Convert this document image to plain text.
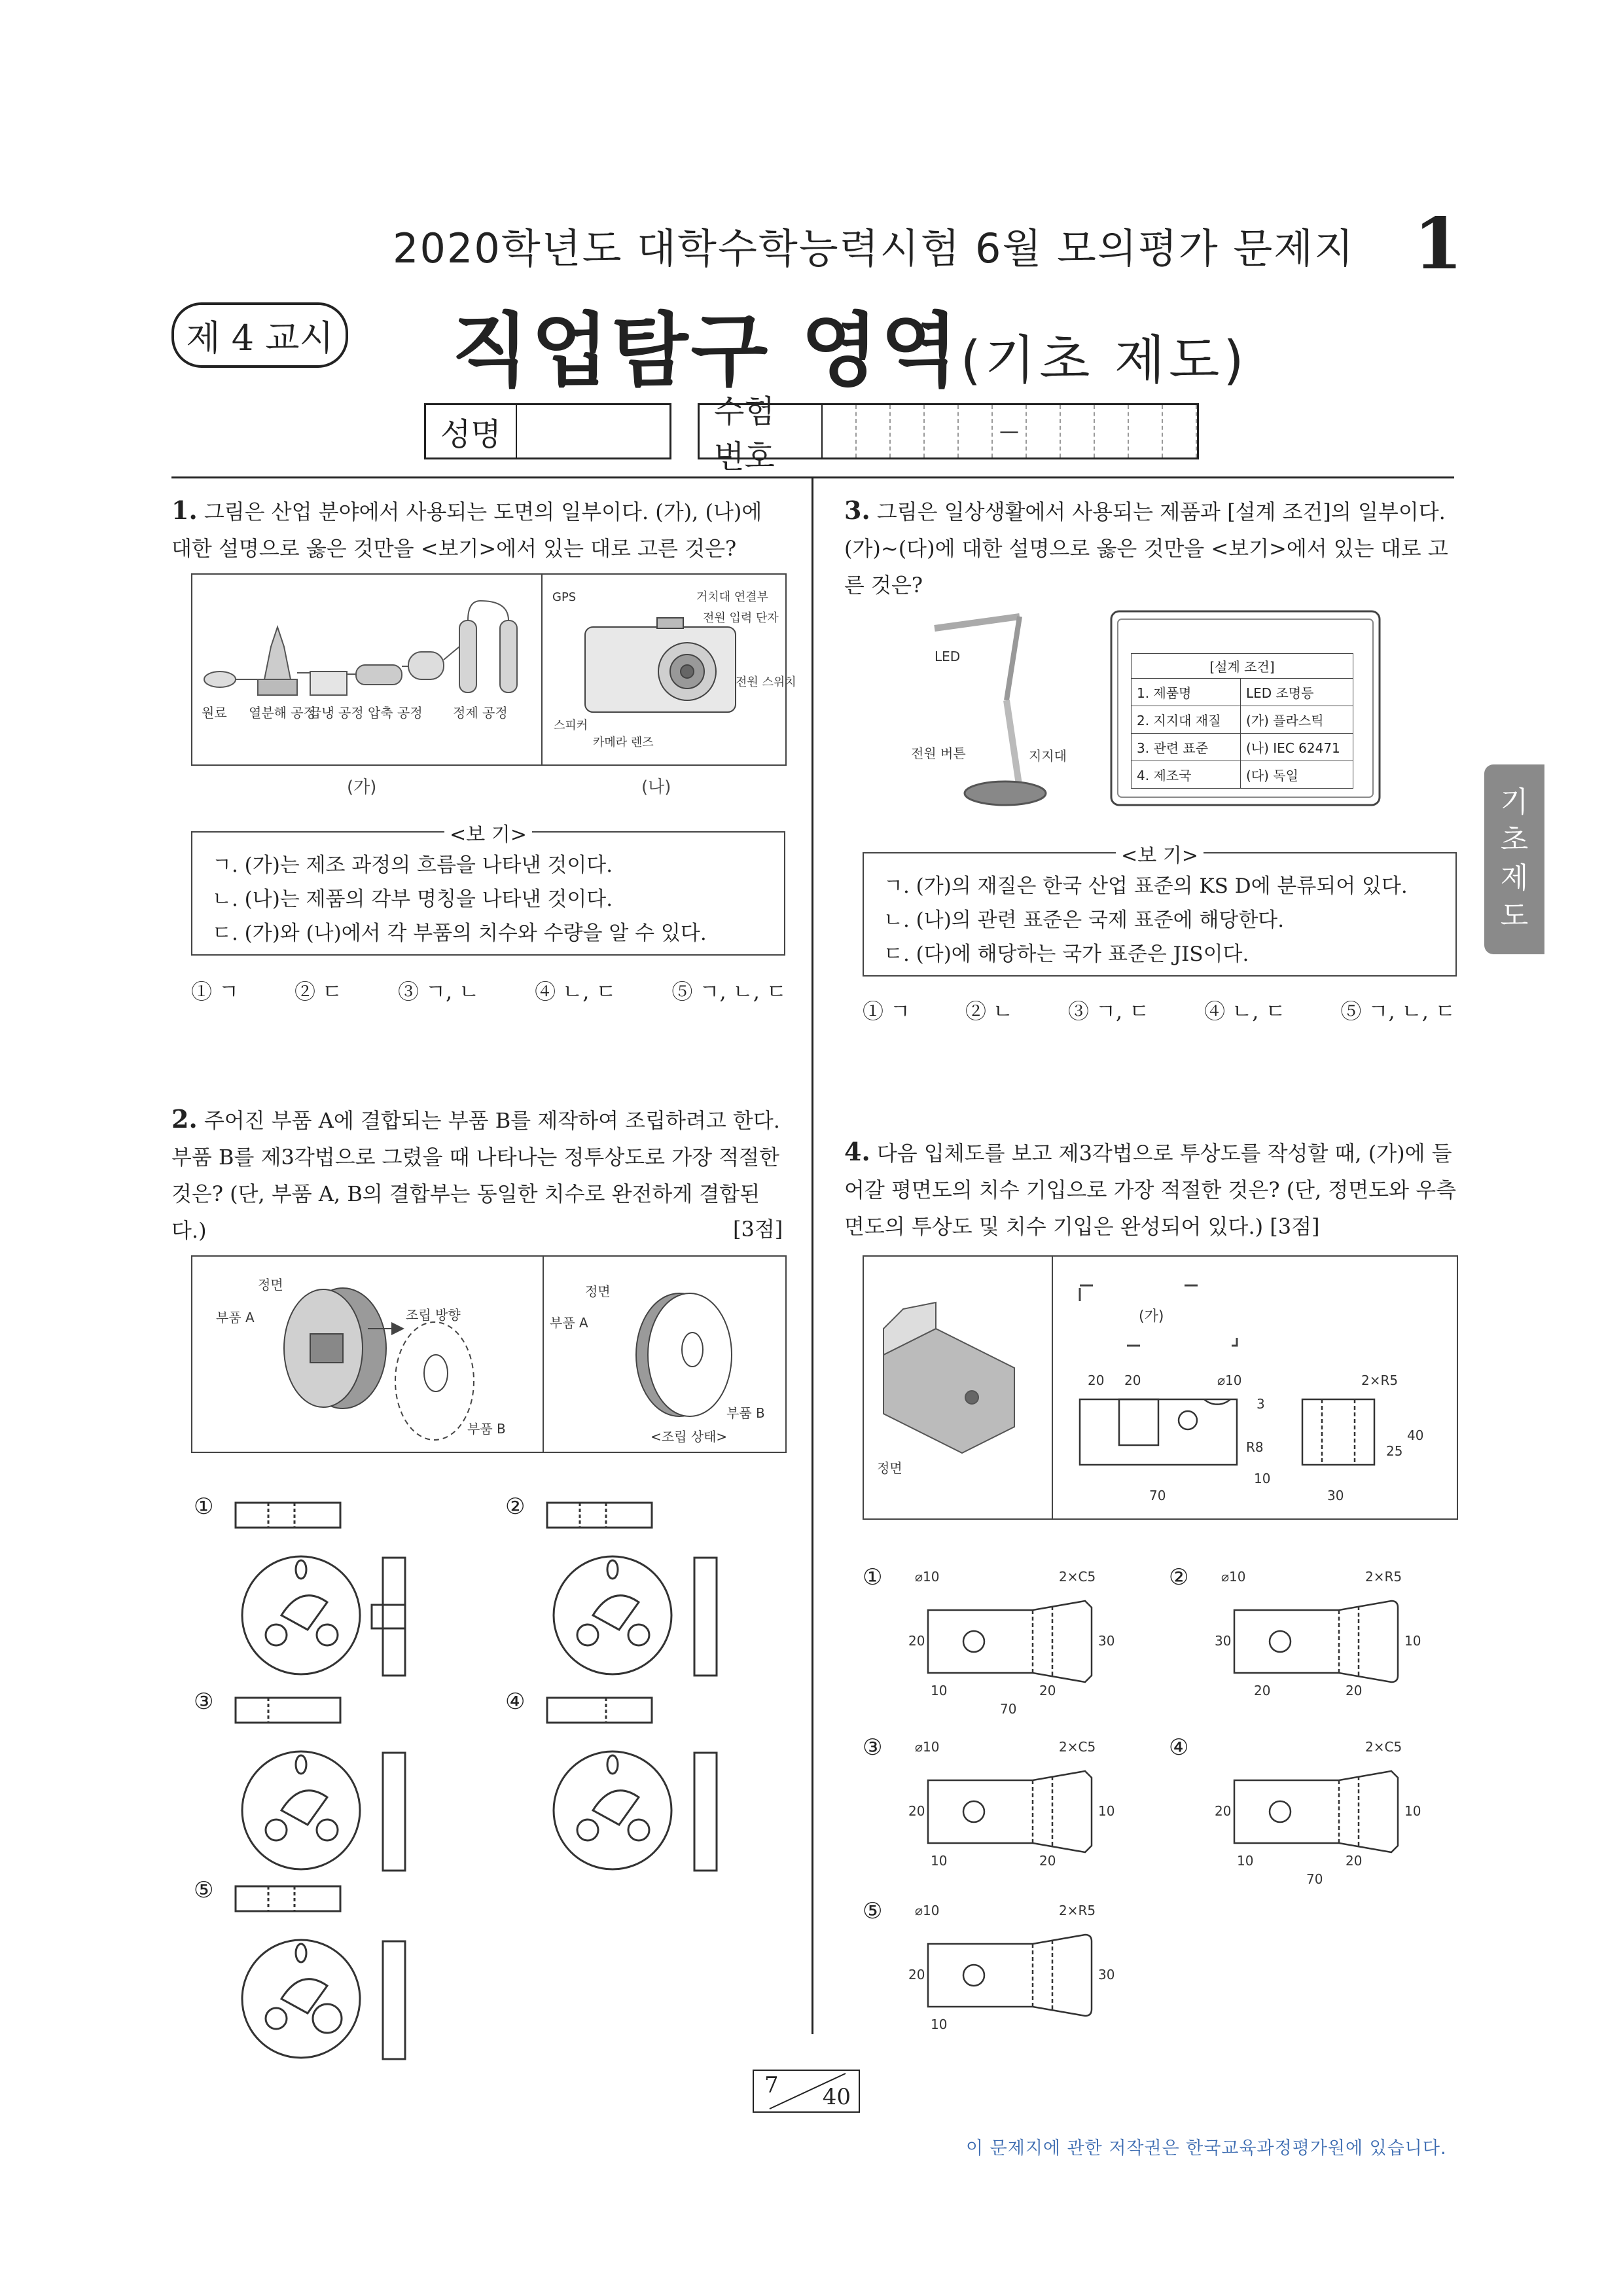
2020학년도 대학수학능력시험 6월 모의평가 문제지 1
제 4 교시 직업탐구 영역(기초 제도)
성명
수험 번호
—
기
초
제
도
1. 그림은 산업 분야에서 사용되는 도면의 일부이다. (가), (나)에 대한 설명으로 옳은 것만을 <보기>에서 있는 대로 고른 것은?
원료 열분해 공정
급냉 공정 압축 공정 정제 공정
GPS	거치대 연결부
전원 입력 단자
전원 스위치
스피커
카메라 렌즈
(가)	(나)
<보 기>
ㄱ. (가)는 제조 과정의 흐름을 나타낸 것이다.
ㄴ. (나)는 제품의 각부 명칭을 나타낸 것이다.
ㄷ. (가)와 (나)에서 각 부품의 치수와 수량을 알 수 있다.
① ㄱ	② ㄷ	③ ㄱ, ㄴ	④ ㄴ, ㄷ	⑤ ㄱ, ㄴ, ㄷ
2. 주어진 부품 A에 결합되는 부품 B를 제작하여 조립하려고 한다. 부품 B를 제3각법으로 그렸을 때 나타나는 정투상도로 가장 적절한 것은? (단, 부품 A, B의 결합부는 동일한 치수로 완전하게 결합된다.)	[3점]
정면
부품 A	조립 방향
부품 B
정면
부품 A
부품 B
<조립 상태>
①	②
③	④
⑤
3. 그림은 일상생활에서 사용되는 제품과 [설계 조건]의 일부이다. (가)~(다)에 대한 설명으로 옳은 것만을 <보기>에서 있는 대로 고른 것은?
LED
전원 버튼	지지대
[설계 조건]
1. 제품명	LED 조명등
2. 지지대 재질	(가) 플라스틱
3. 관련 표준	(나) IEC 62471
4. 제조국	(다) 독일
<보 기>
ㄱ. (가)의 재질은 한국 산업 표준의 KS D에 분류되어 있다.
ㄴ. (나)의 관련 표준은 국제 표준에 해당한다.
ㄷ. (다)에 해당하는 국가 표준은 JIS이다.
① ㄱ	② ㄴ	③ ㄱ, ㄷ	④ ㄴ, ㄷ	⑤ ㄱ, ㄴ, ㄷ
4. 다음 입체도를 보고 제3각법으로 투상도를 작성할 때, (가)에 들어갈 평면도의 치수 기입으로 가장 적절한 것은? (단, 정면도와 우측면도의 투상도 및 치수 기입은 완성되어 있다.) [3점]
정면
(가)
20 20	⌀10	2×R5
3
R8
10
70
25
40
30
① ⌀10	2×C5
20	30
10	20
70
② ⌀10	2×R5
30	10
20	20
③ ⌀10	2×C5
20	10
10	20
④	2×C5
20	10
10	20
70
⑤ ⌀10	2×R5
20	30
10
7 40
이 문제지에 관한 저작권은 한국교육과정평가원에 있습니다.
